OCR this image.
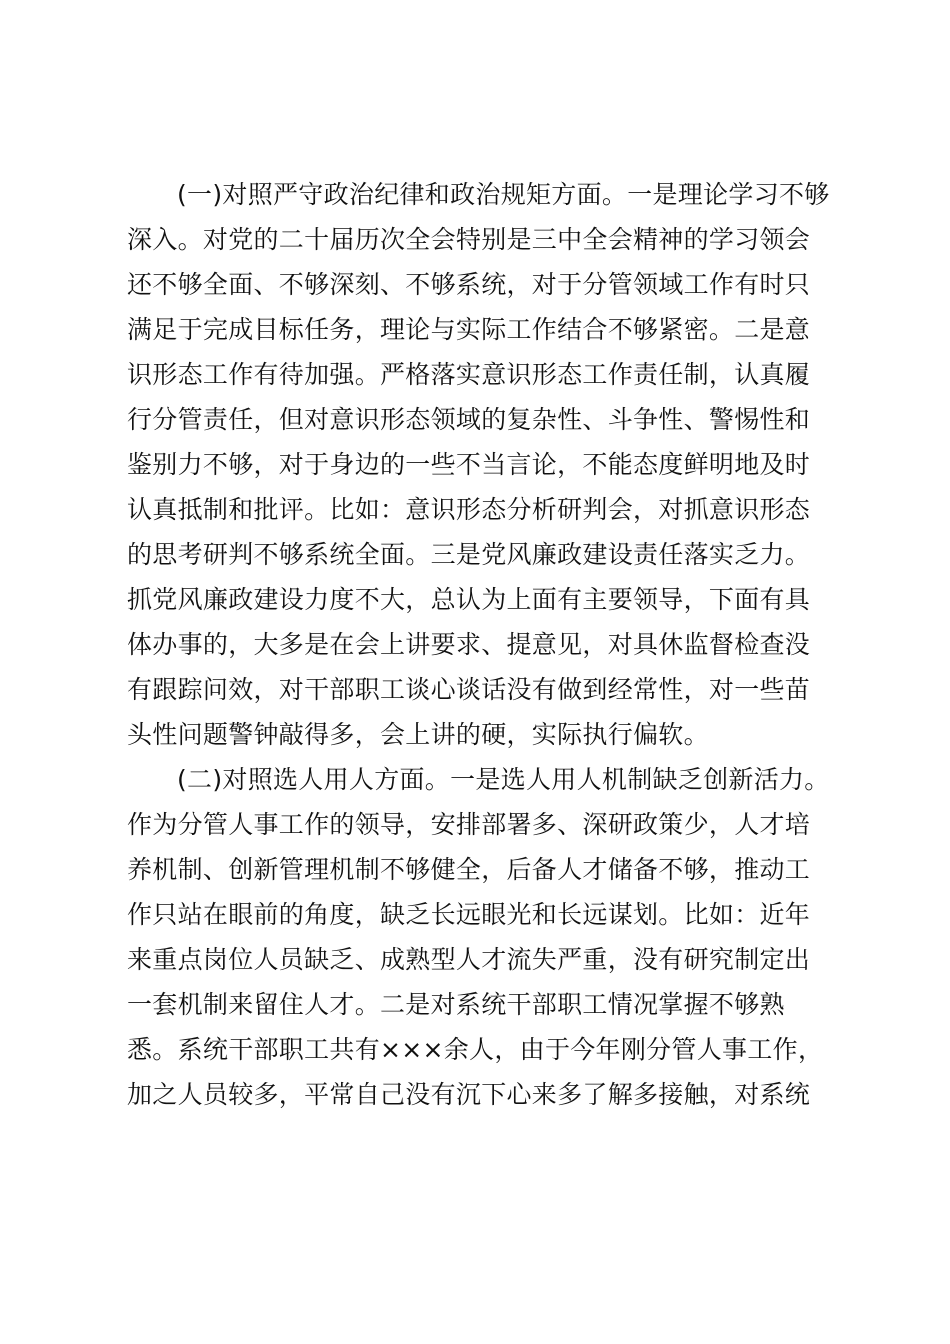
(一)对照严守政治纪律和政治规矩方面。一是理论学习不够
深入。对党的二十届历次全会特别是三中全会精神的学习领会
还不够全面、不够深刻、不够系统，对于分管领域工作有时只
满足于完成目标任务，理论与实际工作结合不够紧密。二是意
识形态工作有待加强。严格落实意识形态工作责任制，认真履
行分管责任，但对意识形态领域的复杂性、斗争性、警惕性和
鉴别力不够，对于身边的一些不当言论，不能态度鲜明地及时
认真抵制和批评。比如：意识形态分析研判会，对抓意识形态
的思考研判不够系统全面。三是党风廉政建设责任落实乏力。
抓党风廉政建设力度不大，总认为上面有主要领导，下面有具
体办事的，大多是在会上讲要求、提意见，对具休监督检查没
有跟踪问效，对干部职工谈心谈话没有做到经常性，对一些苗
头性问题警钟敲得多，会上讲的硬，实际执行偏软。
(二)对照选人用人方面。一是选人用人机制缺乏创新活力。
作为分管人事工作的领导，安排部署多、深研政策少，人才培
养机制、创新管理机制不够健全，后备人才储备不够，推动工
作只站在眼前的角度，缺乏长远眼光和长远谋划。比如：近年
来重点岗位人员缺乏、成熟型人才流失严重，没有研究制定出
一套机制来留住人才。二是对系统干部职工情况掌握不够熟
悉。系统干部职工共有×××余人，由于今年刚分管人事工作，
加之人员较多，平常自己没有沉下心来多了解多接触，对系统
